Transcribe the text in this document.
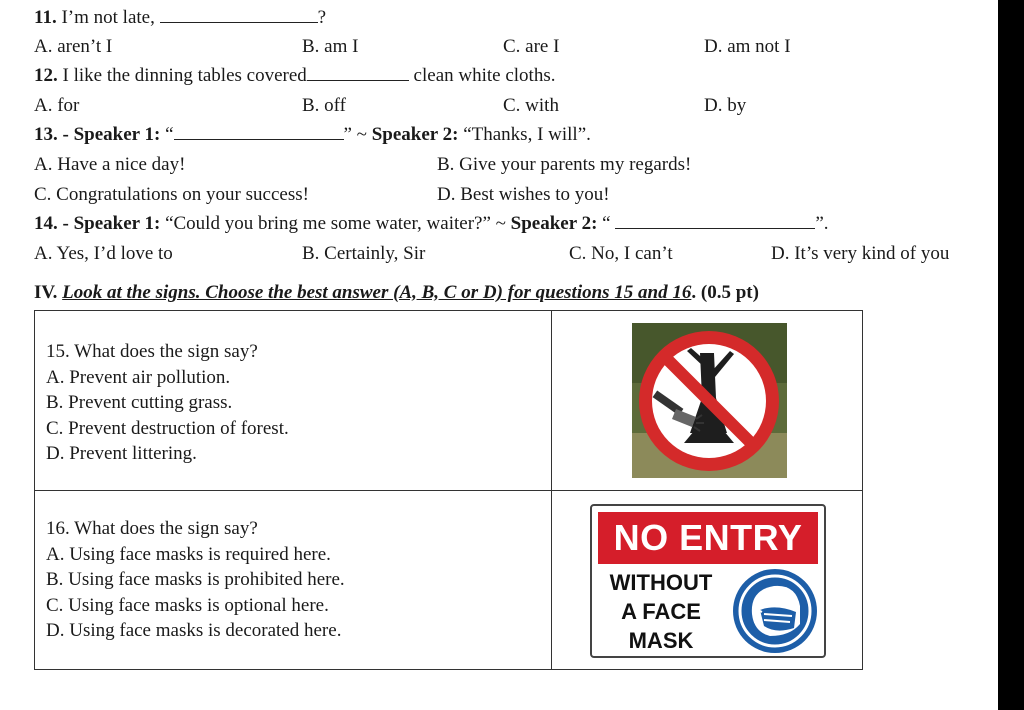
11. I’m not late,	?
A. aren’t I	B. am I	C. are I	D. am not I
12. I like the dinning tables covered	clean white cloths.
A. for	B. off	C. with	D. by
13. - Speaker 1: “	” ~ Speaker 2: “Thanks, I will”.
A. Have a nice day!	B. Give your parents my regards!
C. Congratulations on your success!	D. Best wishes to you!
14. - Speaker 1: “Could you bring me some water, waiter?” ~ Speaker 2: “	”.
A. Yes, I’d love to	B. Certainly, Sir	C. No, I can’t	D. It’s very kind of you
IV. Look at the signs. Choose the best answer (A, B, C or D) for questions 15 and 16. (0.5 pt)
15. What does the sign say?
A. Prevent air pollution.
B. Prevent cutting grass.
C. Prevent destruction of forest.
D. Prevent littering.
16. What does the sign say?
A. Using face masks is required here.
B. Using face masks is prohibited here.
C. Using face masks is optional here.
D. Using face masks is decorated here.
NO ENTRY
WITHOUT
A FACE
MASK
